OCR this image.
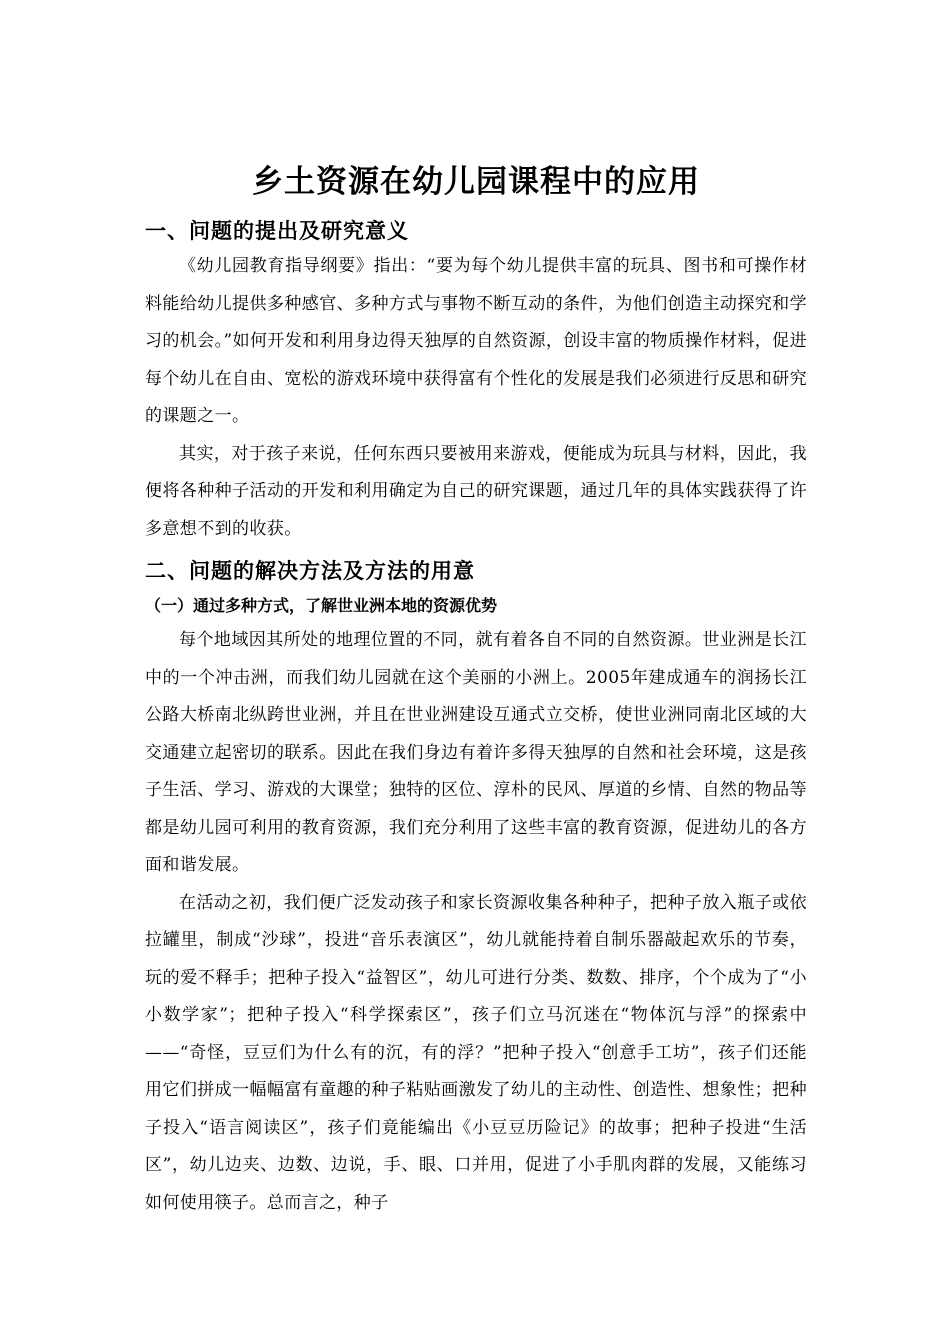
乡土资源在幼儿园课程中的应用
一、问题的提出及研究意义

《幼儿园教育指导纲要》指出：“要为每个幼儿提供丰富的玩具、图书和可操作材料能给幼儿提供多种感官、多种方式与事物不断互动的条件，为他们创造主动探究和学习的机会。”如何开发和利用身边得天独厚的自然资源，创设丰富的物质操作材料，促进每个幼儿在自由、宽松的游戏环境中获得富有个性化的发展是我们必须进行反思和研究的课题之一。

其实，对于孩子来说，任何东西只要被用来游戏，便能成为玩具与材料，因此，我便将各种种子活动的开发和利用确定为自己的研究课题，通过几年的具体实践获得了许多意想不到的收获。

二、问题的解决方法及方法的用意
（一）通过多种方式，了解世业洲本地的资源优势

每个地域因其所处的地理位置的不同，就有着各自不同的自然资源。世业洲是长江中的一个冲击洲，而我们幼儿园就在这个美丽的小洲上。2005年建成通车的润扬长江公路大桥南北纵跨世业洲，并且在世业洲建设互通式立交桥，使世业洲同南北区域的大交通建立起密切的联系。因此在我们身边有着许多得天独厚的自然和社会环境，这是孩子生活、学习、游戏的大课堂；独特的区位、淳朴的民风、厚道的乡情、自然的物品等都是幼儿园可利用的教育资源，我们充分利用了这些丰富的教育资源，促进幼儿的各方面和谐发展。

在活动之初，我们便广泛发动孩子和家长资源收集各种种子，把种子放入瓶子或依拉罐里，制成“沙球”，投进“音乐表演区”，幼儿就能持着自制乐器敲起欢乐的节奏，玩的爱不释手；把种子投入“益智区”，幼儿可进行分类、数数、排序，个个成为了“小小数学家”；把种子投入“科学探索区”，孩子们立马沉迷在“物体沉与浮”的探索中——“奇怪，豆豆们为什么有的沉，有的浮？”把种子投入“创意手工坊”，孩子们还能用它们拼成一幅幅富有童趣的种子粘贴画激发了幼儿的主动性、创造性、想象性；把种子投入“语言阅读区”，孩子们竟能编出《小豆豆历险记》的故事；把种子投进“生活区”，幼儿边夹、边数、边说，手、眼、口并用，促进了小手肌肉群的发展，又能练习如何使用筷子。总而言之，种子
